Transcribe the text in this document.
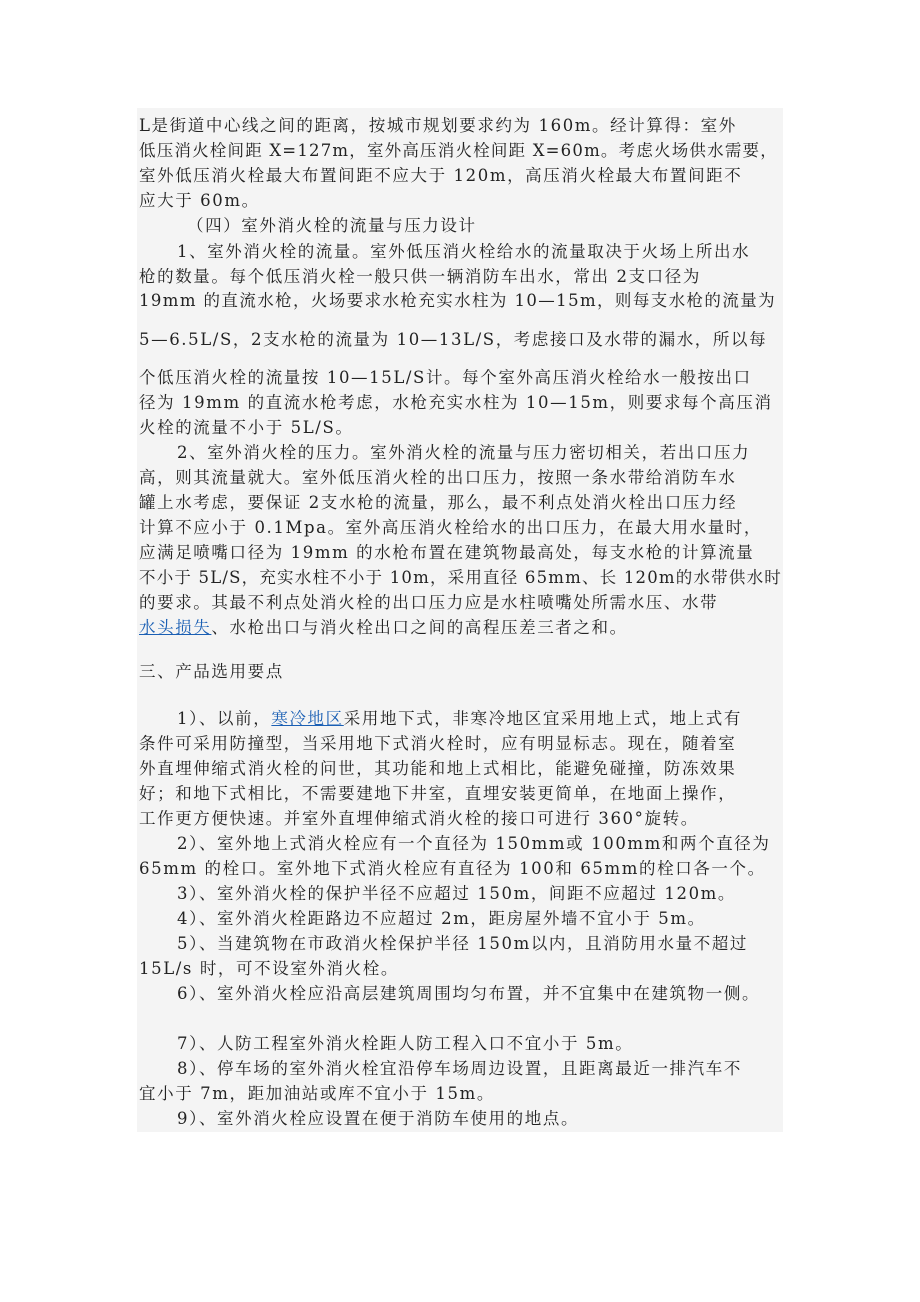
L是街道中心线之间的距离，按城市规划要求约为 160m。经计算得：室外

低压消火栓间距 X=127m，室外高压消火栓间距 X=60m。考虑火场供水需要，

室外低压消火栓最大布置间距不应大于 120m，高压消火栓最大布置间距不

应大于 60m。

（四）室外消火栓的流量与压力设计

1、室外消火栓的流量。室外低压消火栓给水的流量取决于火场上所出水

枪的数量。每个低压消火栓一般只供一辆消防车出水，常出 2支口径为

19mm 的直流水枪，火场要求水枪充实水柱为 10—15m，则每支水枪的流量为

5—6.5L/S，2支水枪的流量为 10—13L/S，考虑接口及水带的漏水，所以每

个低压消火栓的流量按 10—15L/S计。每个室外高压消火栓给水一般按出口

径为 19mm 的直流水枪考虑，水枪充实水柱为 10—15m，则要求每个高压消

火栓的流量不小于 5L/S。

2、室外消火栓的压力。室外消火栓的流量与压力密切相关，若出口压力

高，则其流量就大。室外低压消火栓的出口压力，按照一条水带给消防车水

罐上水考虑，要保证 2支水枪的流量，那么，最不利点处消火栓出口压力经

计算不应小于 0.1Mpa。室外高压消火栓给水的出口压力，在最大用水量时，

应满足喷嘴口径为 19mm 的水枪布置在建筑物最高处，每支水枪的计算流量

不小于 5L/S，充实水柱不小于 10m，采用直径 65mm、长 120m的水带供水时

的要求。其最不利点处消火栓的出口压力应是水柱喷嘴处所需水压、水带

水头损失、水枪出口与消火栓出口之间的高程压差三者之和。

三、产品选用要点

1）、以前，寒冷地区采用地下式，非寒冷地区宜采用地上式，地上式有

条件可采用防撞型，当采用地下式消火栓时，应有明显标志。现在，随着室

外直埋伸缩式消火栓的问世，其功能和地上式相比，能避免碰撞，防冻效果

好；和地下式相比，不需要建地下井室，直埋安装更简单，在地面上操作，

工作更方便快速。并室外直埋伸缩式消火栓的接口可进行 360°旋转。

2）、室外地上式消火栓应有一个直径为 150mm或 100mm和两个直径为

65mm 的栓口。室外地下式消火栓应有直径为 100和 65mm的栓口各一个。

3）、室外消火栓的保护半径不应超过 150m，间距不应超过 120m。

4）、室外消火栓距路边不应超过 2m，距房屋外墙不宜小于 5m。

5）、当建筑物在市政消火栓保护半径 150m以内，且消防用水量不超过

15L/s 时，可不设室外消火栓。

6）、室外消火栓应沿高层建筑周围均匀布置，并不宜集中在建筑物一侧。

7）、人防工程室外消火栓距人防工程入口不宜小于 5m。

8）、停车场的室外消火栓宜沿停车场周边设置，且距离最近一排汽车不

宜小于 7m，距加油站或库不宜小于 15m。

9）、室外消火栓应设置在便于消防车使用的地点。
